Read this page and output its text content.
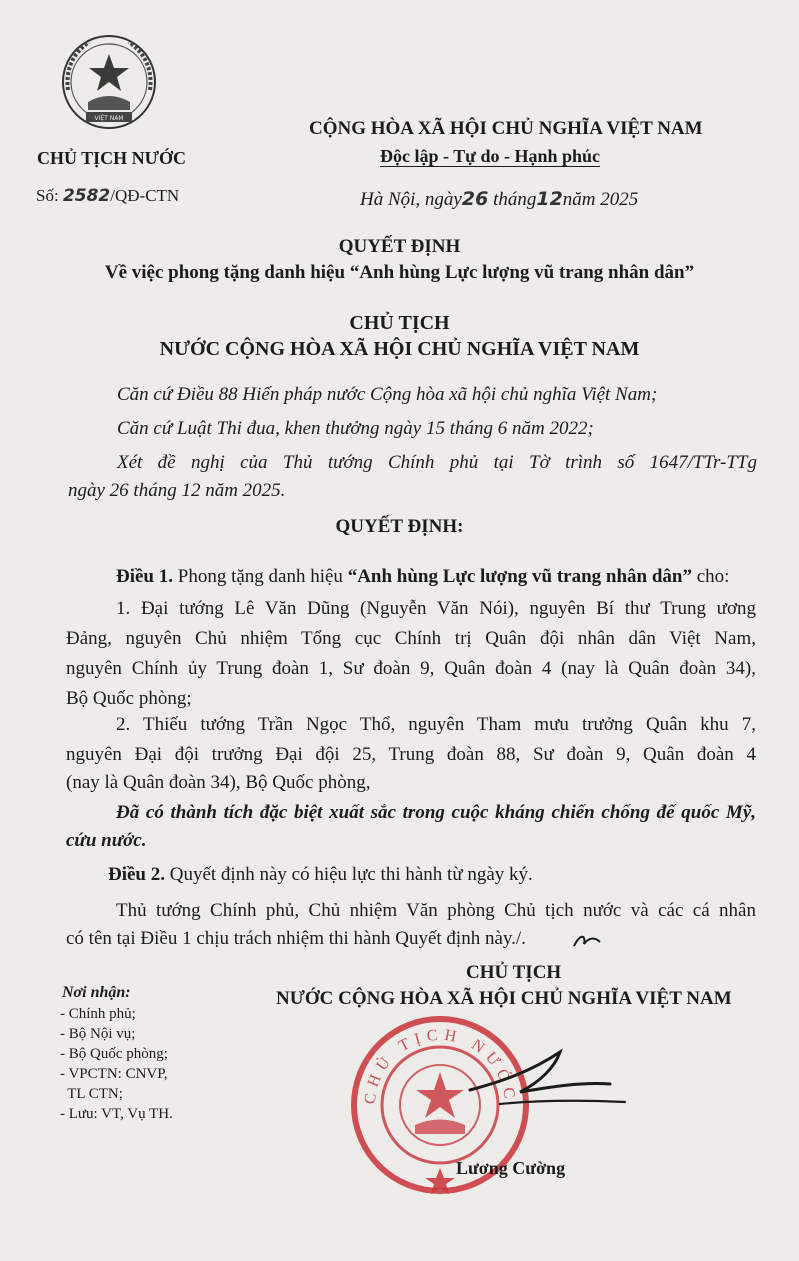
VIỆT NAM
CHỦ TỊCH NƯỚC
Số: 2582/QĐ-CTN
CỘNG HÒA XÃ HỘI CHỦ NGHĨA VIỆT NAM
Độc lập - Tự do - Hạnh phúc
Hà Nội, ngày26 tháng12năm 2025
QUYẾT ĐỊNH
Về việc phong tặng danh hiệu “Anh hùng Lực lượng vũ trang nhân dân”
CHỦ TỊCH
NƯỚC CỘNG HÒA XÃ HỘI CHỦ NGHĨA VIỆT NAM
Căn cứ Điều 88 Hiến pháp nước Cộng hòa xã hội chủ nghĩa Việt Nam;
Căn cứ Luật Thi đua, khen thưởng ngày 15 tháng 6 năm 2022;
Xét đề nghị của Thủ tướng Chính phủ tại Tờ trình số 1647/TTr-TTg
ngày 26 tháng 12 năm 2025.
QUYẾT ĐỊNH:
Điều 1. Phong tặng danh hiệu “Anh hùng Lực lượng vũ trang nhân dân” cho:
1. Đại tướng Lê Văn Dũng (Nguyễn Văn Nói), nguyên Bí thư Trung ương
Đảng, nguyên Chủ nhiệm Tổng cục Chính trị Quân đội nhân dân Việt Nam,
nguyên Chính ủy Trung đoàn 1, Sư đoàn 9, Quân đoàn 4 (nay là Quân đoàn 34),
Bộ Quốc phòng;
2. Thiếu tướng Trần Ngọc Thổ, nguyên Tham mưu trưởng Quân khu 7,
nguyên Đại đội trưởng Đại đội 25, Trung đoàn 88, Sư đoàn 9, Quân đoàn 4
(nay là Quân đoàn 34), Bộ Quốc phòng,
Đã có thành tích đặc biệt xuất sắc trong cuộc kháng chiến chống đế quốc Mỹ,
cứu nước.
Điều 2. Quyết định này có hiệu lực thi hành từ ngày ký.
Thủ tướng Chính phủ, Chủ nhiệm Văn phòng Chủ tịch nước và các cá nhân
có tên tại Điều 1 chịu trách nhiệm thi hành Quyết định này./.
Nơi nhận:
- Chính phủ;
- Bộ Nội vụ;
- Bộ Quốc phòng;
- VPCTN: CNVP,
TL CTN;
- Lưu: VT, Vụ TH.
CHỦ TỊCH
NƯỚC CỘNG HÒA XÃ HỘI CHỦ NGHĨA VIỆT NAM
CHỦ TỊCH NƯỚC
Lương Cường
